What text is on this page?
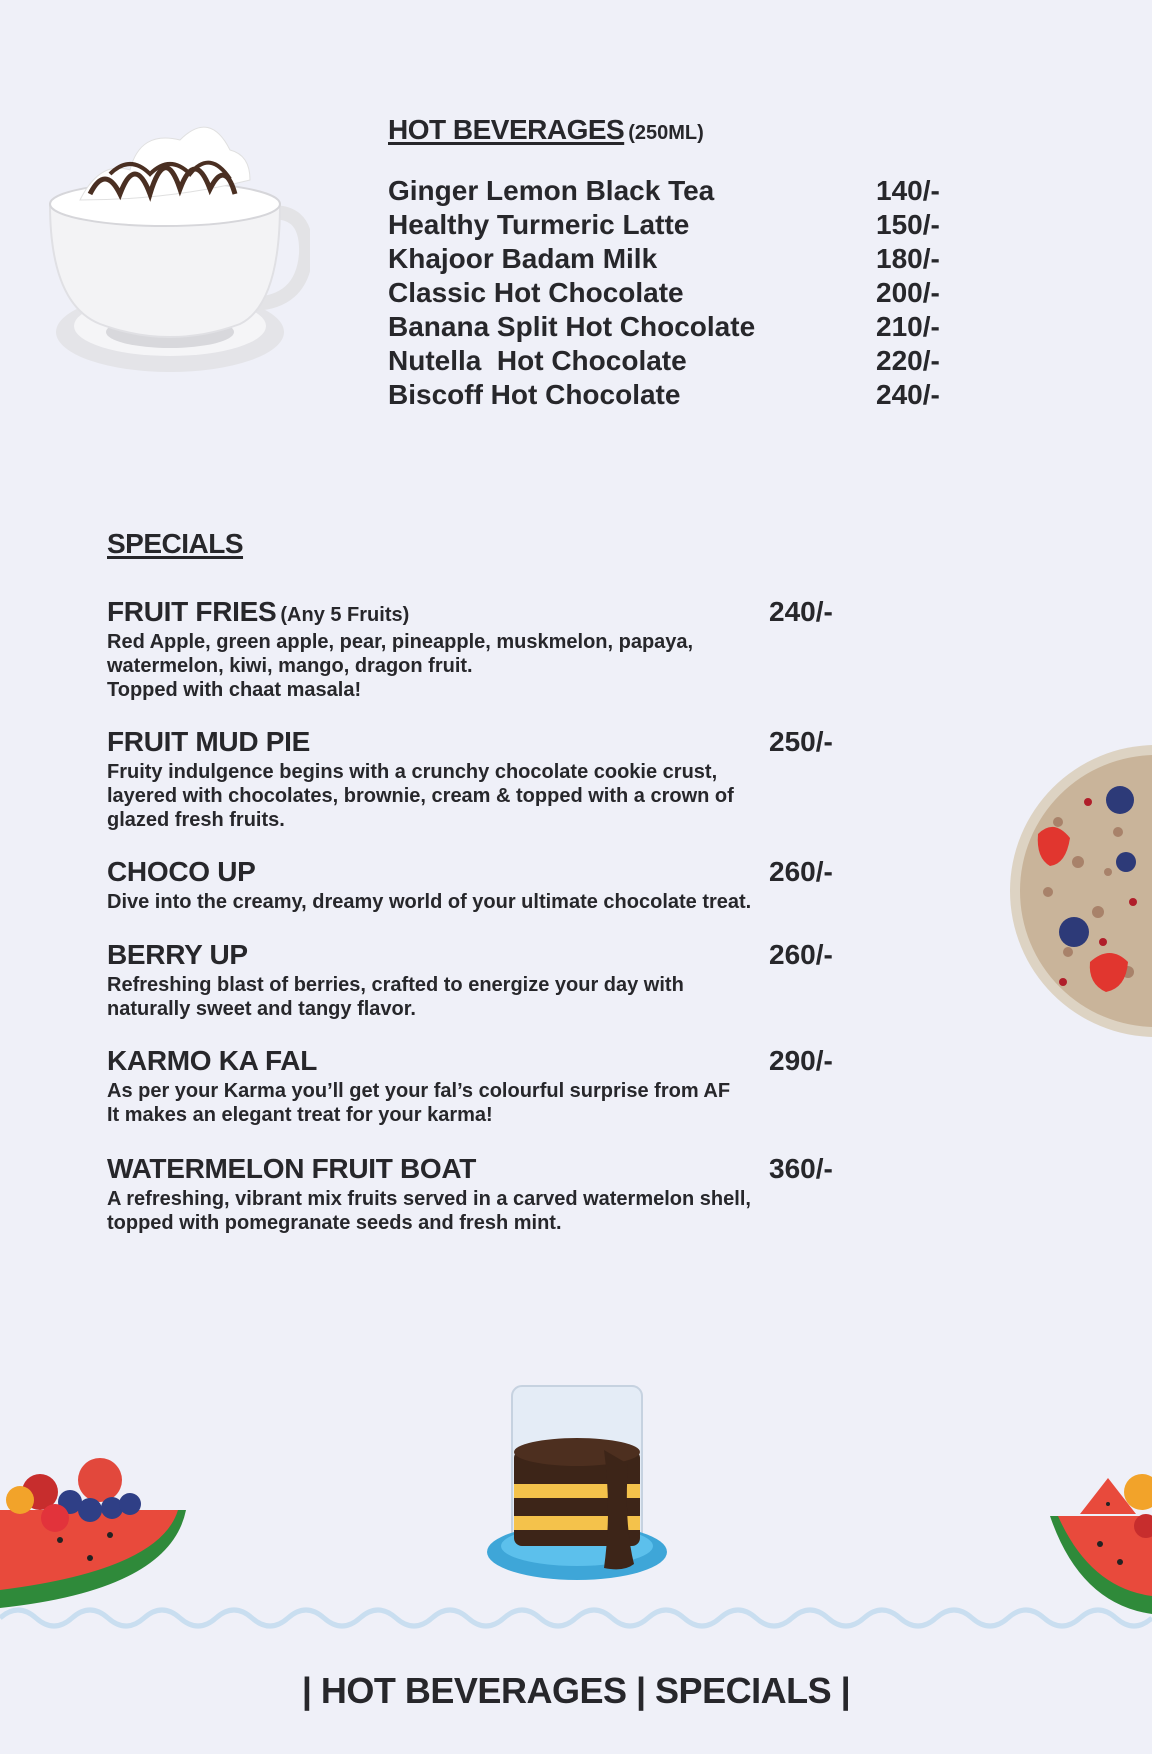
HOT BEVERAGES (250ML)
Ginger Lemon Black Tea	140/-
Healthy Turmeric Latte	150/-
Khajoor Badam Milk	180/-
Classic Hot Chocolate	200/-
Banana Split Hot Chocolate	210/-
Nutella  Hot Chocolate	220/-
Biscoff Hot Chocolate	240/-
SPECIALS
FRUIT FRIES (Any 5 Fruits)	240/-
Red Apple, green apple, pear, pineapple, muskmelon, papaya,
watermelon, kiwi, mango, dragon fruit.
Topped with chaat masala!
FRUIT MUD PIE	250/-
Fruity indulgence begins with a crunchy chocolate cookie crust,
layered with chocolates, brownie, cream & topped with a crown of
glazed fresh fruits.
CHOCO UP	260/-
Dive into the creamy, dreamy world of your ultimate chocolate treat.
BERRY UP	260/-
Refreshing blast of berries, crafted to energize your day with
naturally sweet and tangy flavor.
KARMO KA FAL	290/-
As per your Karma you’ll get your fal’s colourful surprise from AF
It makes an elegant treat for your karma!
WATERMELON FRUIT BOAT	360/-
A refreshing, vibrant mix fruits served in a carved watermelon shell,
topped with pomegranate seeds and fresh mint.
| HOT BEVERAGES | SPECIALS |
